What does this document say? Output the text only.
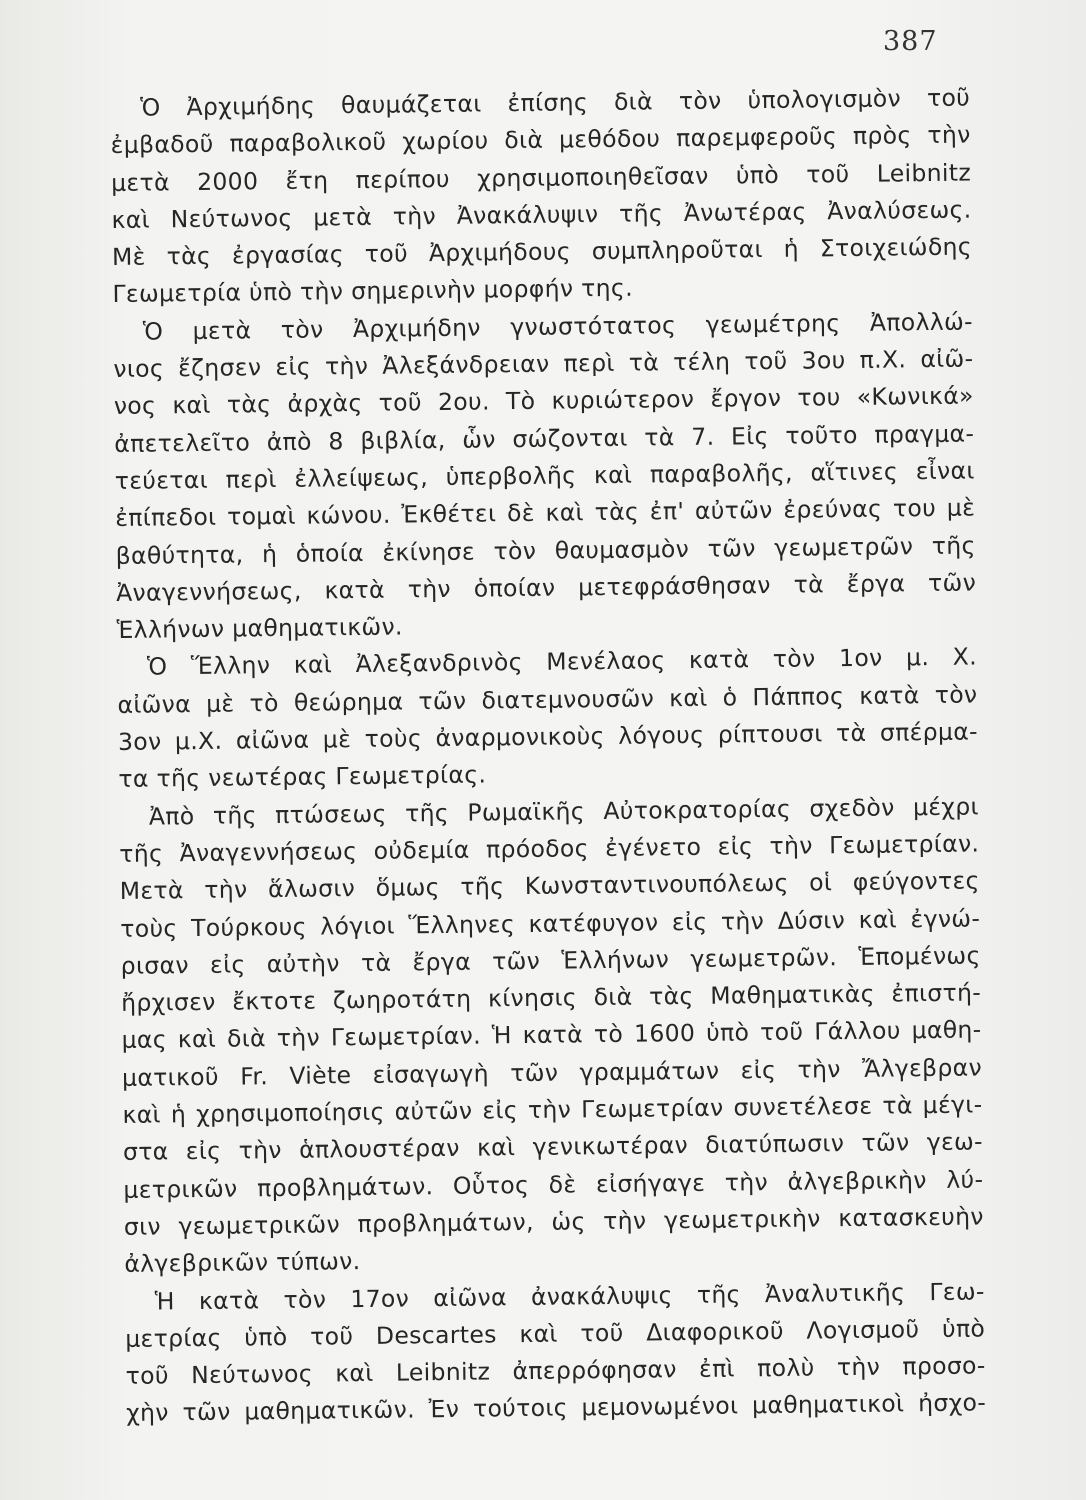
387
Ὁ Ἀρχιμήδης θαυμάζεται ἐπίσης διὰ τὸν ὑπολογισμὸν τοῦ
ἐμβαδοῦ παραβολικοῦ χωρίου διὰ μεθόδου παρεμφεροῦς πρὸς τὴν
μετὰ 2000 ἔτη περίπου χρησιμοποιηθεῖσαν ὑπὸ τοῦ Leibnitz
καὶ Νεύτωνος μετὰ τὴν Ἀνακάλυψιν τῆς Ἀνωτέρας Ἀναλύσεως.
Μὲ τὰς ἐργασίας τοῦ Ἀρχιμήδους συμπληροῦται ἡ Στοιχειώδης
Γεωμετρία ὑπὸ τὴν σημερινὴν μορφήν της.
Ὁ μετὰ τὸν Ἀρχιμήδην γνωστότατος γεωμέτρης Ἀπολλώ-
νιος ἔζησεν εἰς τὴν Ἀλεξάνδρειαν περὶ τὰ τέλη τοῦ 3ου π.Χ. αἰῶ-
νος καὶ τὰς ἀρχὰς τοῦ 2ου. Τὸ κυριώτερον ἔργον του «Κωνικά»
ἀπετελεῖτο ἀπὸ 8 βιβλία, ὧν σώζονται τὰ 7. Εἰς τοῦτο πραγμα-
τεύεται περὶ ἐλλείψεως, ὑπερβολῆς καὶ παραβολῆς, αἵτινες εἶναι
ἐπίπεδοι τομαὶ κώνου. Ἐκθέτει δὲ καὶ τὰς ἐπ' αὐτῶν ἐρεύνας του μὲ
βαθύτητα, ἡ ὁποία ἐκίνησε τὸν θαυμασμὸν τῶν γεωμετρῶν τῆς
Ἀναγεννήσεως, κατὰ τὴν ὁποίαν μετεφράσθησαν τὰ ἔργα τῶν
Ἑλλήνων μαθηματικῶν.
Ὁ Ἕλλην καὶ Ἀλεξανδρινὸς Μενέλαος κατὰ τὸν 1ον μ. Χ.
αἰῶνα μὲ τὸ θεώρημα τῶν διατεμνουσῶν καὶ ὁ Πάππος κατὰ τὸν
3ον μ.Χ. αἰῶνα μὲ τοὺς ἀναρμονικοὺς λόγους ρίπτουσι τὰ σπέρμα-
τα τῆς νεωτέρας Γεωμετρίας.
Ἀπὸ τῆς πτώσεως τῆς Ρωμαϊκῆς Αὐτοκρατορίας σχεδὸν μέχρι
τῆς Ἀναγεννήσεως οὐδεμία πρόοδος ἐγένετο εἰς τὴν Γεωμετρίαν.
Μετὰ τὴν ἅλωσιν ὅμως τῆς Κωνσταντινουπόλεως οἱ φεύγοντες
τοὺς Τούρκους λόγιοι Ἕλληνες κατέφυγον εἰς τὴν Δύσιν καὶ ἐγνώ-
ρισαν εἰς αὐτὴν τὰ ἔργα τῶν Ἑλλήνων γεωμετρῶν. Ἑπομένως
ἤρχισεν ἔκτοτε ζωηροτάτη κίνησις διὰ τὰς Μαθηματικὰς ἐπιστή-
μας καὶ διὰ τὴν Γεωμετρίαν. Ἡ κατὰ τὸ 1600 ὑπὸ τοῦ Γάλλου μαθη-
ματικοῦ Fr. Viète εἰσαγωγὴ τῶν γραμμάτων εἰς τὴν Ἄλγεβραν
καὶ ἡ χρησιμοποίησις αὐτῶν εἰς τὴν Γεωμετρίαν συνετέλεσε τὰ μέγι-
στα εἰς τὴν ἁπλουστέραν καὶ γενικωτέραν διατύπωσιν τῶν γεω-
μετρικῶν προβλημάτων. Οὗτος δὲ εἰσήγαγε τὴν ἀλγεβρικὴν λύ-
σιν γεωμετρικῶν προβλημάτων, ὡς τὴν γεωμετρικὴν κατασκευὴν
ἀλγεβρικῶν τύπων.
Ἡ κατὰ τὸν 17ον αἰῶνα ἀνακάλυψις τῆς Ἀναλυτικῆς Γεω-
μετρίας ὑπὸ τοῦ Descartes καὶ τοῦ Διαφορικοῦ Λογισμοῦ ὑπὸ
τοῦ Νεύτωνος καὶ Leibnitz ἀπερρόφησαν ἐπὶ πολὺ τὴν προσο-
χὴν τῶν μαθηματικῶν. Ἐν τούτοις μεμονωμένοι μαθηματικοὶ ἠσχο-
